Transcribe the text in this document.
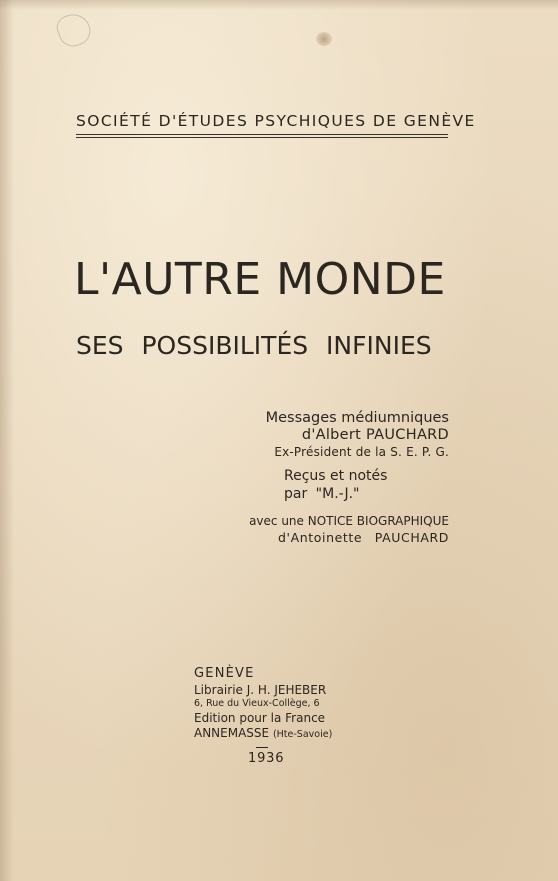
SOCIÉTÉ D'ÉTUDES PSYCHIQUES DE GENÈVE
L'AUTRE MONDE
SES POSSIBILITÉS INFINIES
Messages médiumniques
d'Albert PAUCHARD
Ex-Président de la S. E. P. G.
Reçus et notés
par "M.-J."
avec une NOTICE BIOGRAPHIQUE
d'Antoinette PAUCHARD
GENÈVE
Librairie J. H. JEHEBER
6, Rue du Vieux-Collège, 6
Edition pour la France
ANNEMASSE (Hte-Savoie)
1936
